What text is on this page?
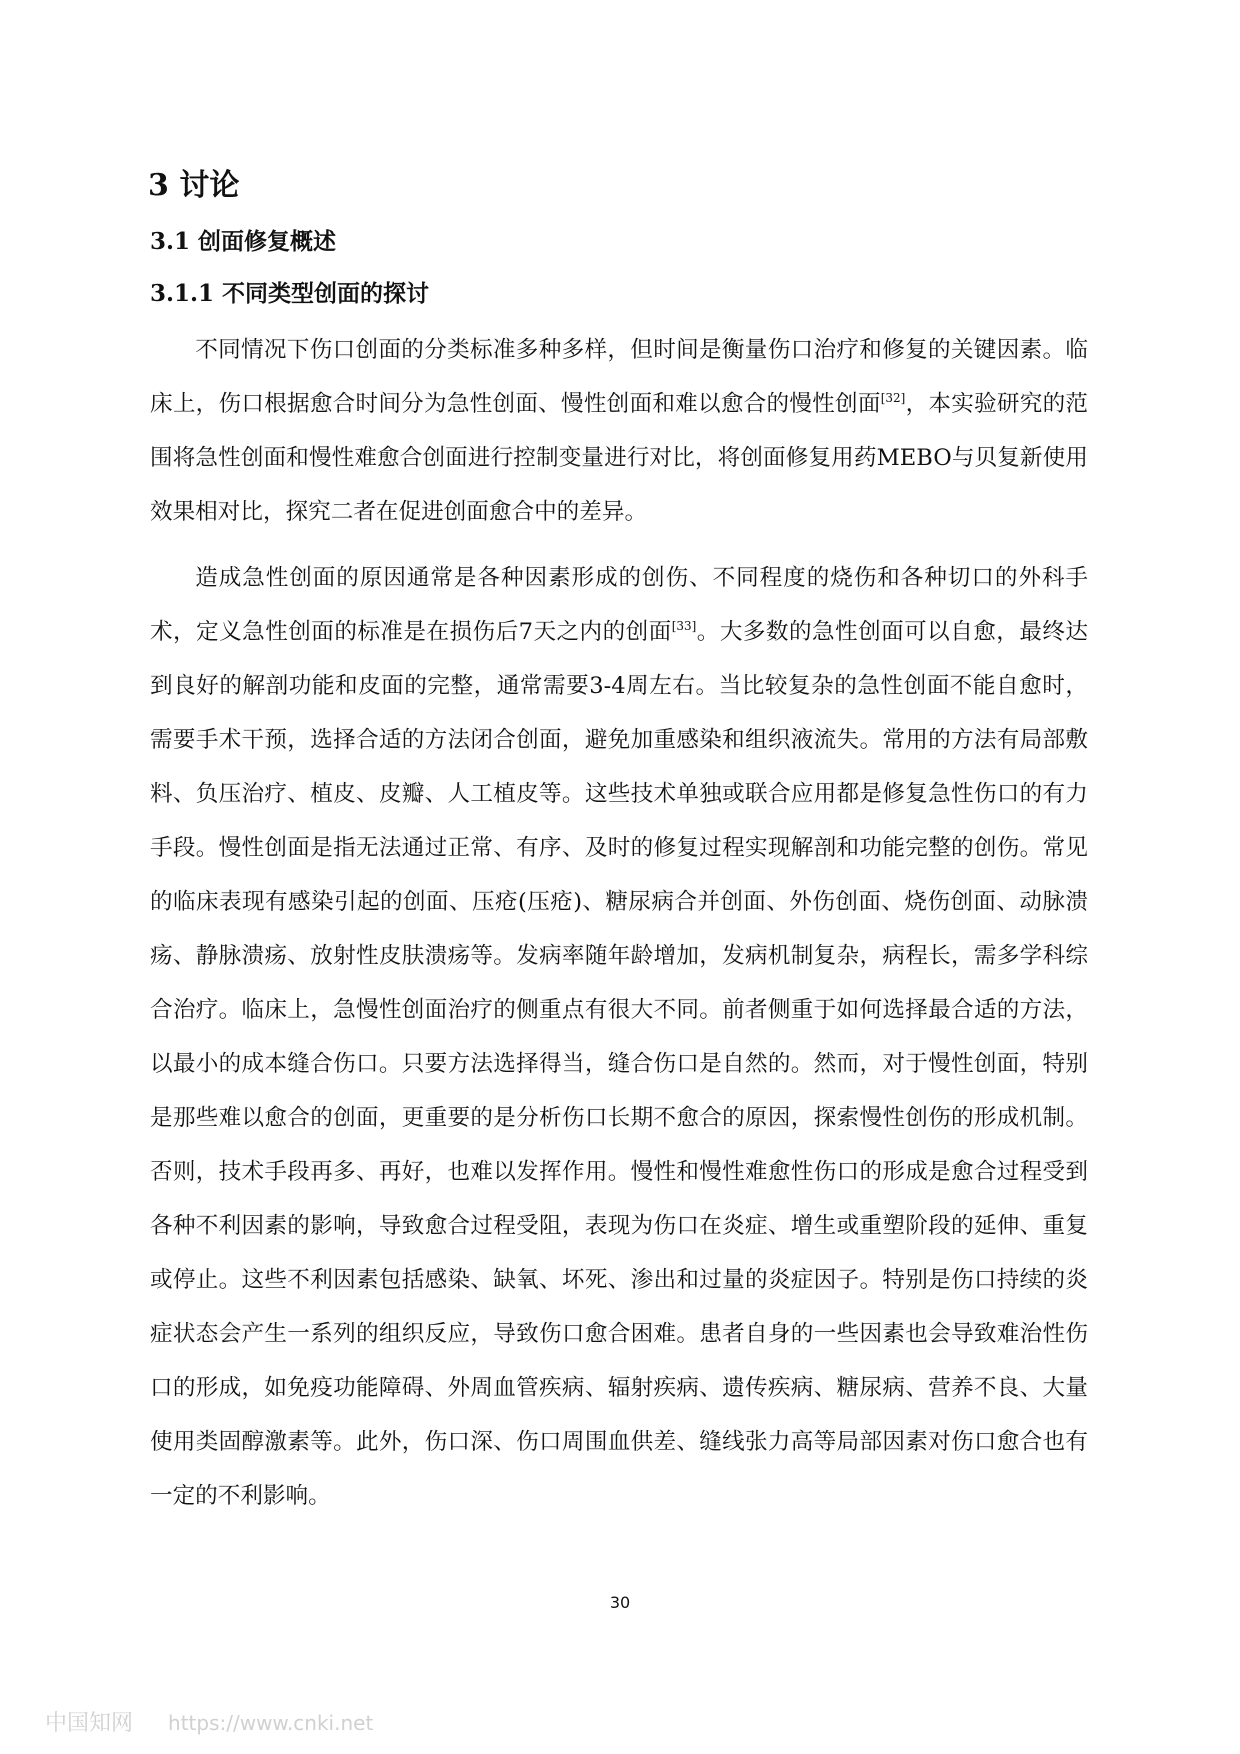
3 讨论
3.1 创面修复概述
3.1.1 不同类型创面的探讨

不同情况下伤口创面的分类标准多种多样，但时间是衡量伤口治疗和修复的关键因素。临床上，伤口根据愈合时间分为急性创面、慢性创面和难以愈合的慢性创面[32]，本实验研究的范围将急性创面和慢性难愈合创面进行控制变量进行对比，将创面修复用药MEBO与贝复新使用效果相对比，探究二者在促进创面愈合中的差异。

造成急性创面的原因通常是各种因素形成的创伤、不同程度的烧伤和各种切口的外科手术，定义急性创面的标准是在损伤后7天之内的创面[33]。大多数的急性创面可以自愈，最终达到良好的解剖功能和皮面的完整，通常需要3-4周左右。当比较复杂的急性创面不能自愈时，需要手术干预，选择合适的方法闭合创面，避免加重感染和组织液流失。常用的方法有局部敷料、负压治疗、植皮、皮瓣、人工植皮等。这些技术单独或联合应用都是修复急性伤口的有力手段。慢性创面是指无法通过正常、有序、及时的修复过程实现解剖和功能完整的创伤。常见的临床表现有感染引起的创面、压疮(压疮)、糖尿病合并创面、外伤创面、烧伤创面、动脉溃疡、静脉溃疡、放射性皮肤溃疡等。发病率随年龄增加，发病机制复杂，病程长，需多学科综合治疗。临床上，急慢性创面治疗的侧重点有很大不同。前者侧重于如何选择最合适的方法，以最小的成本缝合伤口。只要方法选择得当，缝合伤口是自然的。然而，对于慢性创面，特别是那些难以愈合的创面，更重要的是分析伤口长期不愈合的原因，探索慢性创伤的形成机制。否则，技术手段再多、再好，也难以发挥作用。慢性和慢性难愈性伤口的形成是愈合过程受到各种不利因素的影响，导致愈合过程受阻，表现为伤口在炎症、增生或重塑阶段的延伸、重复或停止。这些不利因素包括感染、缺氧、坏死、渗出和过量的炎症因子。特别是伤口持续的炎症状态会产生一系列的组织反应，导致伤口愈合困难。患者自身的一些因素也会导致难治性伤口的形成，如免疫功能障碍、外周血管疾病、辐射疾病、遗传疾病、糖尿病、营养不良、大量使用类固醇激素等。此外，伤口深、伤口周围血供差、缝线张力高等局部因素对伤口愈合也有一定的不利影响。

30
中国知网 https://www.cnki.net
